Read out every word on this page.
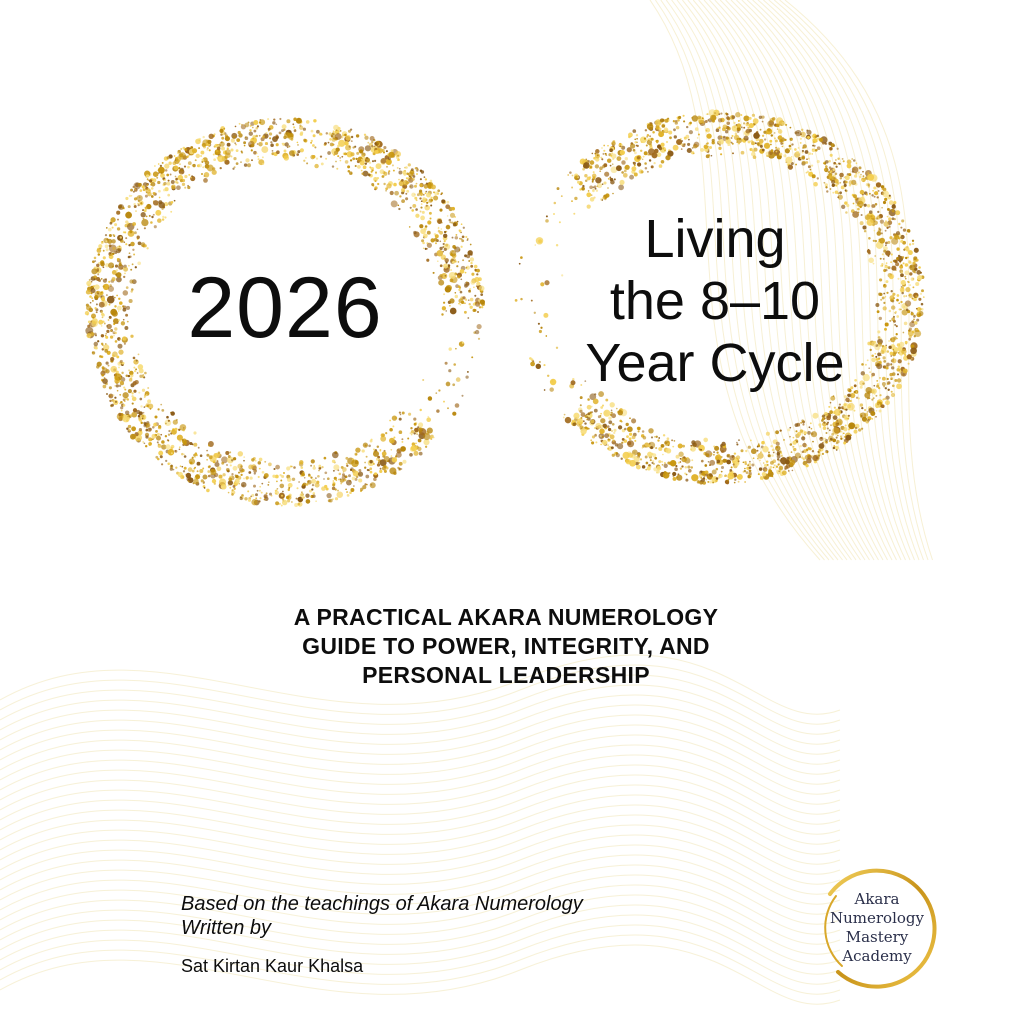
2026
Living
the 8–10
Year Cycle
A PRACTICAL AKARA NUMEROLOGY
GUIDE TO POWER, INTEGRITY, AND
PERSONAL LEADERSHIP
Based on the teachings of Akara Numerology
Written by
Sat Kirtan Kaur Khalsa
Akara
Numerology
Mastery
Academy
